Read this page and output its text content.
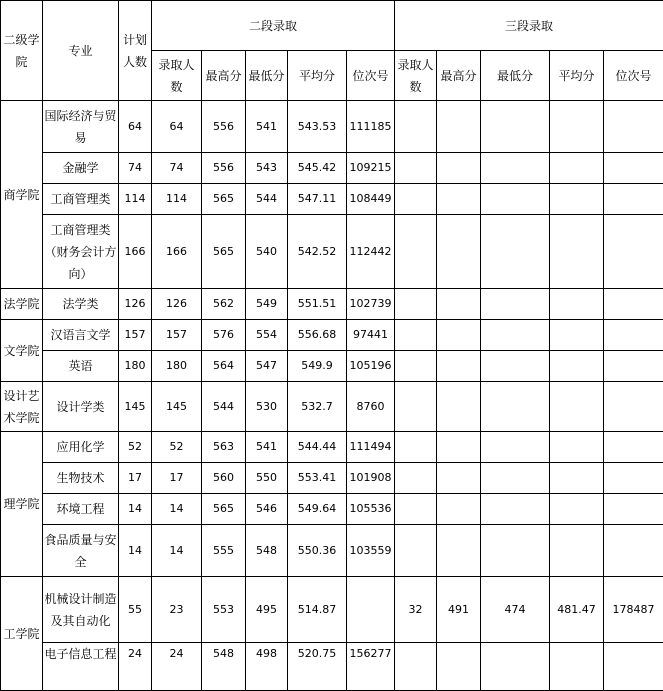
二级学院	专业	计划人数	二段录取					三段录取				
			录取人数	最高分	最低分	平均分	位次号	录取人数	最高分	最低分	平均分	位次号
商学院	国际经济与贸易	64	64	556	541	543.53	111185					
	金融学	74	74	556	543	545.42	109215					
	工商管理类	114	114	565	544	547.11	108449					
	工商管理类（财务会计方向）	166	166	565	540	542.52	112442					
法学院	法学类	126	126	562	549	551.51	102739					
文学院	汉语言文学	157	157	576	554	556.68	97441					
	英语	180	180	564	547	549.9	105196					
设计艺术学院	设计学类	145	145	544	530	532.7	8760					
理学院	应用化学	52	52	563	541	544.44	111494					
	生物技术	17	17	560	550	553.41	101908					
	环境工程	14	14	565	546	549.64	105536					
	食品质量与安全	14	14	555	548	550.36	103559					
工学院	机械设计制造及其自动化	55	23	553	495	514.87		32	491	474	481.47	178487
	电子信息工程	24	24	548	498	520.75	156277					
